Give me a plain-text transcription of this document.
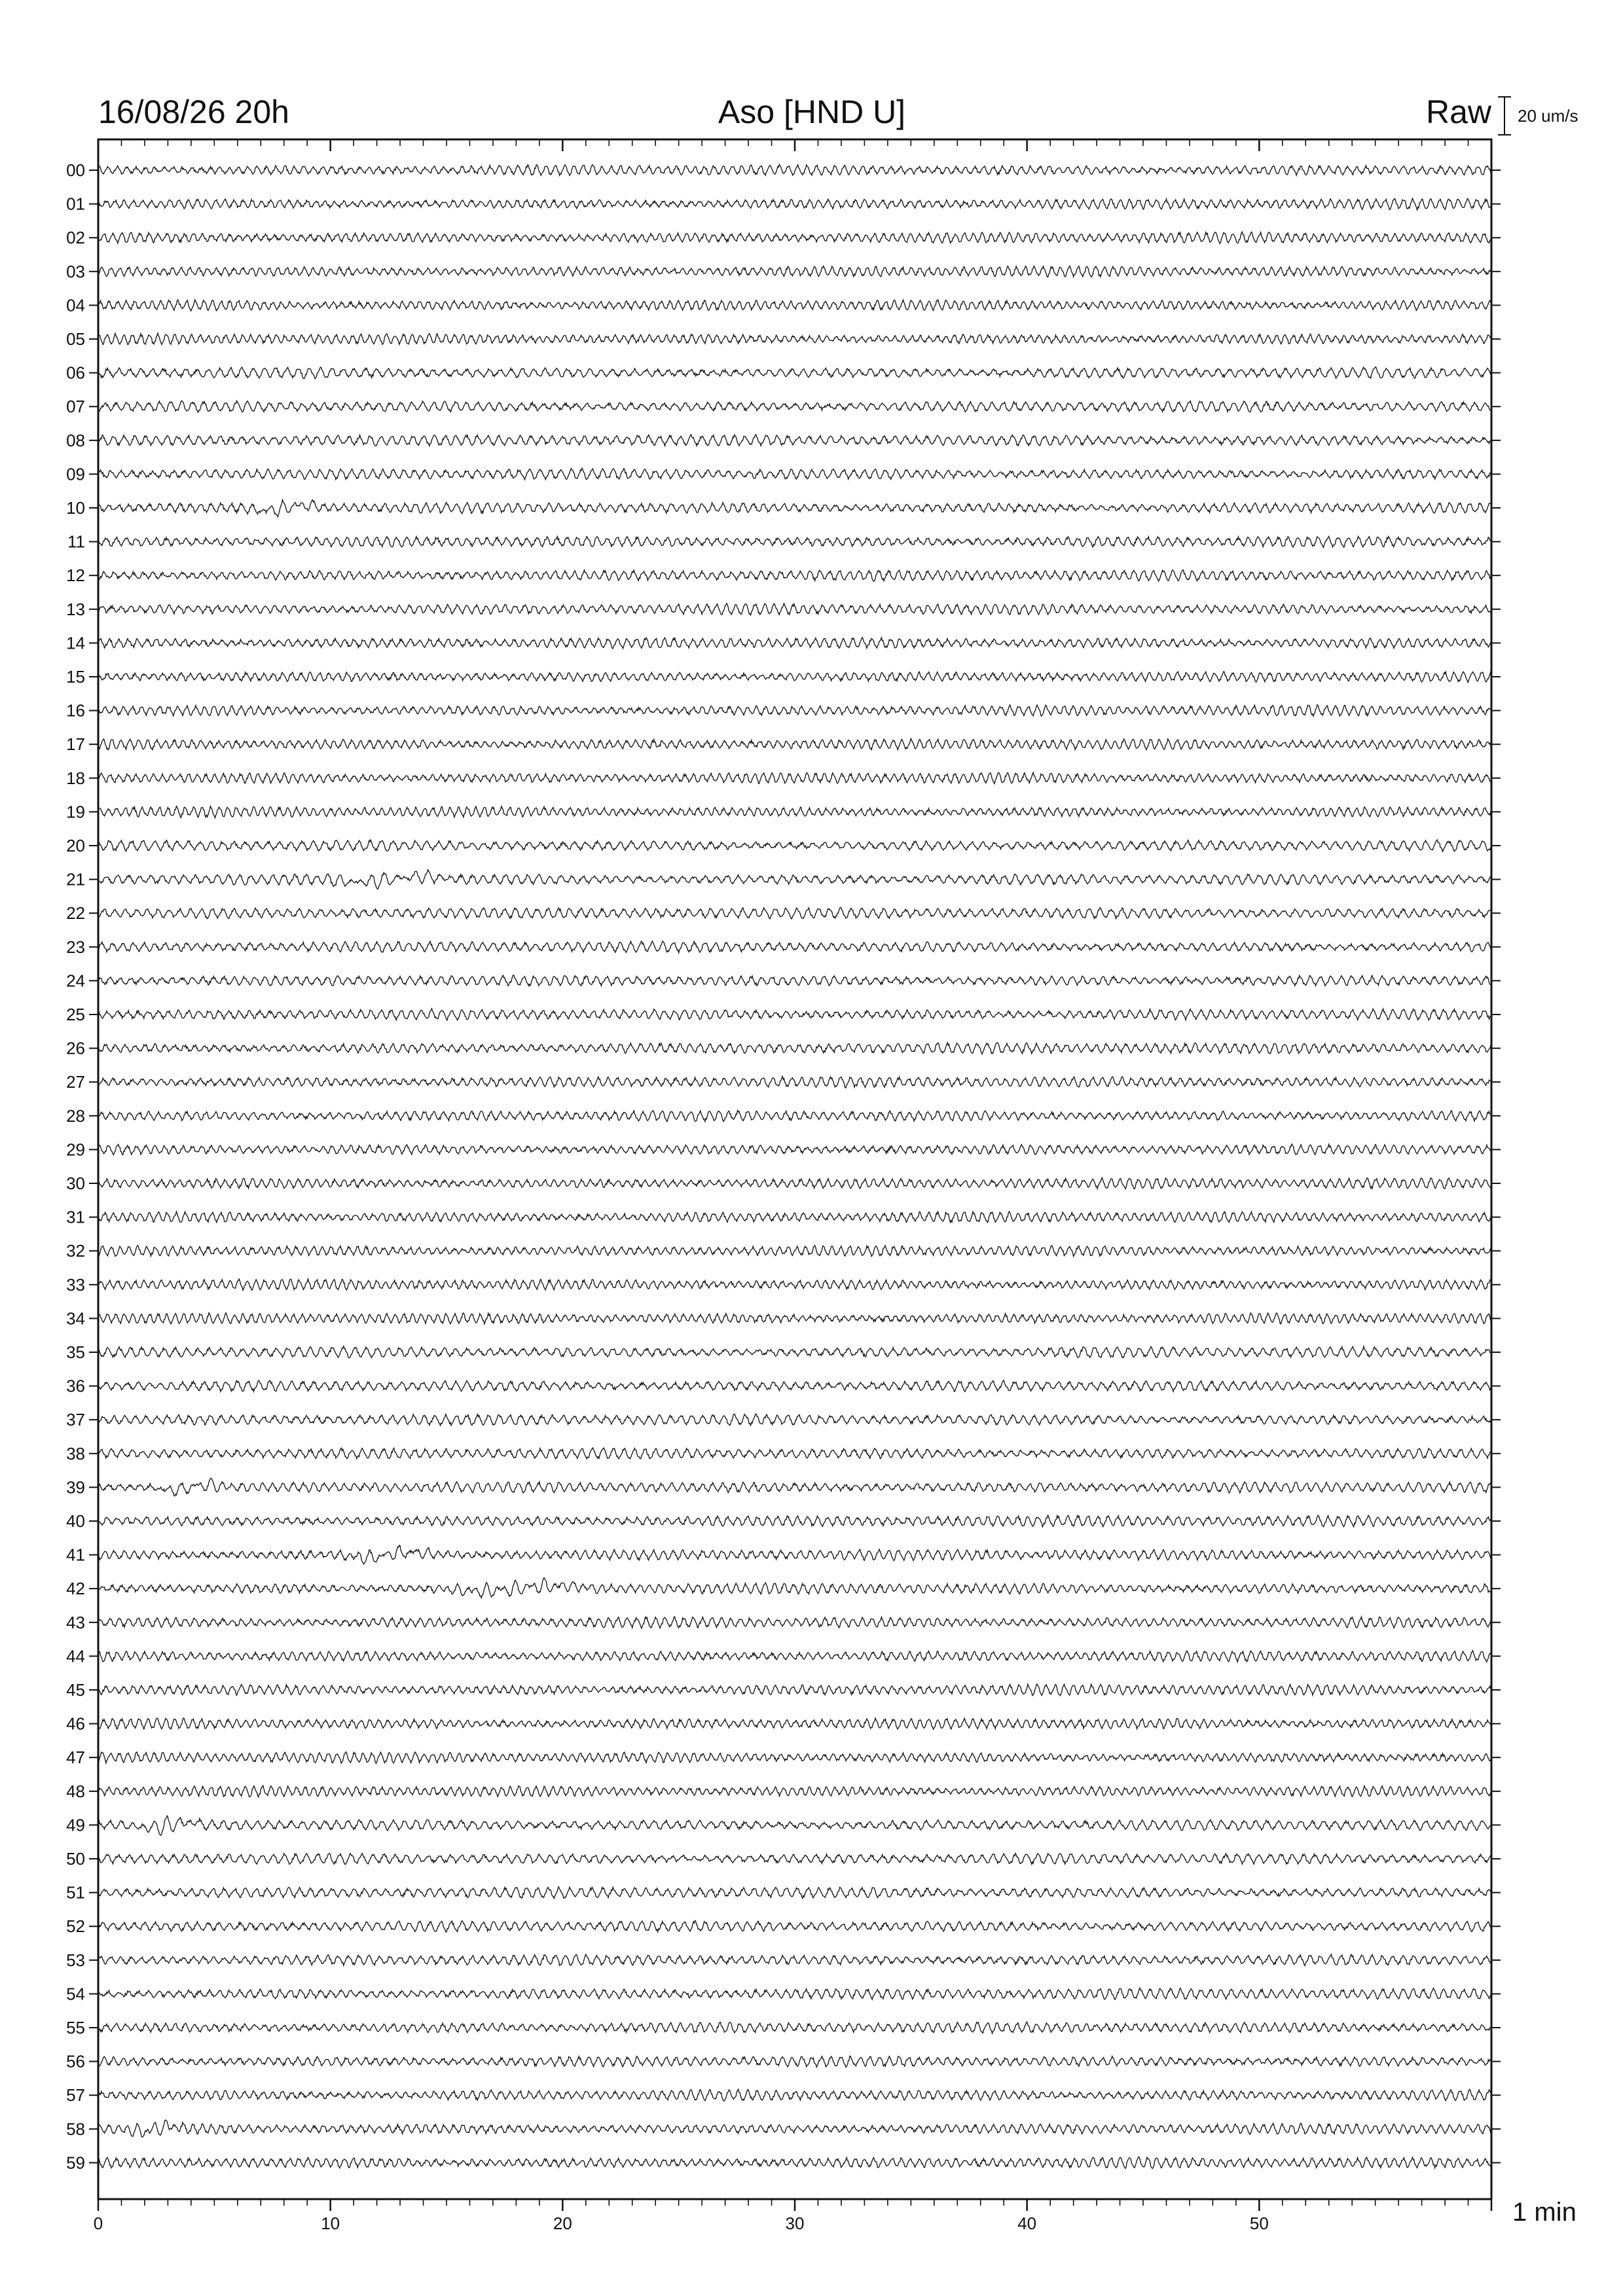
16/08/26 20h	Aso [HND U]	Raw 20 um/s
00
01
02
03
04
05
06
07
08
09
10
11
12
13
14
15
16
17
18
19
20
21
22
23
24
25
26
27
28
29
30
31
32
33
34
35
36
37
38
39
40
41
42
43
44
45
46
47
48
49
50
51
52
53
54
55
56
57
58
59
0	10	20	30	40	50	1 min
